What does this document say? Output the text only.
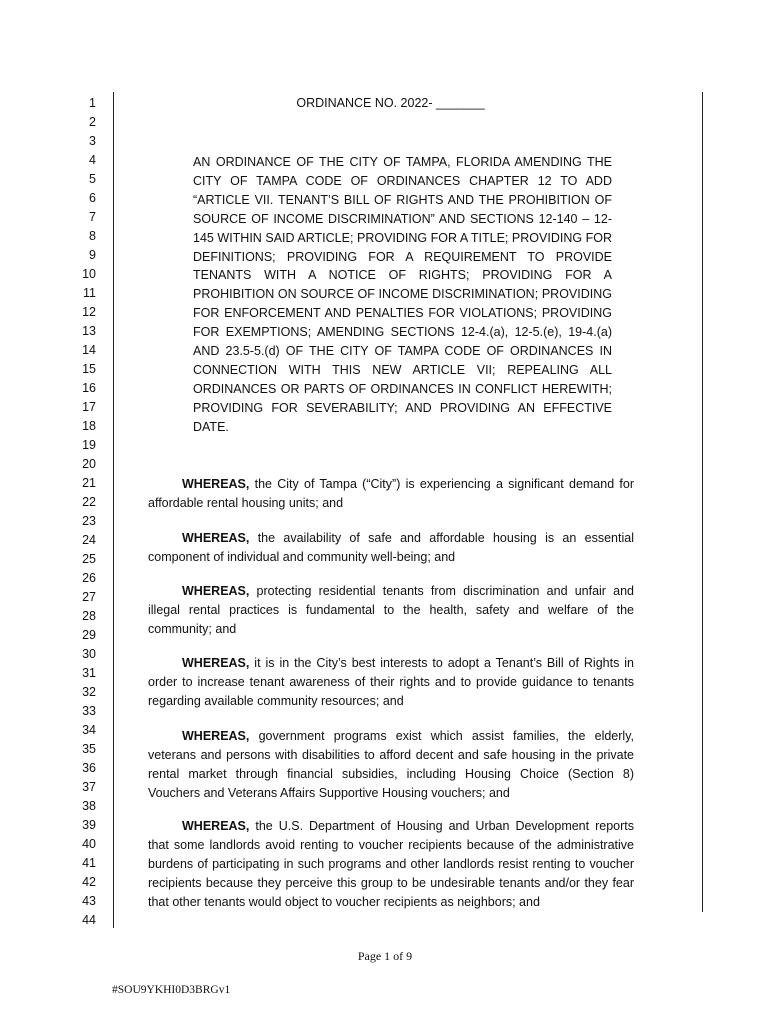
1
2
3
4
5
6
7
8
9
10
11
12
13
14
15
16
17
18
19
20
21
22
23
24
25
26
27
28
29
30
31
32
33
34
35
36
37
38
39
40
41
42
43
44
ORDINANCE NO. 2022- _______
AN ORDINANCE OF THE CITY OF TAMPA, FLORIDA AMENDING THE CITY OF TAMPA CODE OF ORDINANCES CHAPTER 12 TO ADD “ARTICLE VII. TENANT’S BILL OF RIGHTS AND THE PROHIBITION OF SOURCE OF INCOME DISCRIMINATION” AND SECTIONS 12-140 – 12-145 WITHIN SAID ARTICLE; PROVIDING FOR A TITLE; PROVIDING FOR DEFINITIONS; PROVIDING FOR A REQUIREMENT TO PROVIDE TENANTS WITH A NOTICE OF RIGHTS; PROVIDING FOR A PROHIBITION ON SOURCE OF INCOME DISCRIMINATION; PROVIDING FOR ENFORCEMENT AND PENALTIES FOR VIOLATIONS; PROVIDING FOR EXEMPTIONS; AMENDING SECTIONS 12-4.(a), 12-5.(e), 19-4.(a) AND 23.5-5.(d) OF THE CITY OF TAMPA CODE OF ORDINANCES IN CONNECTION WITH THIS NEW ARTICLE VII; REPEALING ALL ORDINANCES OR PARTS OF ORDINANCES IN CONFLICT HEREWITH; PROVIDING FOR SEVERABILITY; AND PROVIDING AN EFFECTIVE DATE.
WHEREAS, the City of Tampa (“City”) is experiencing a significant demand for affordable rental housing units; and
WHEREAS, the availability of safe and affordable housing is an essential component of individual and community well-being; and
WHEREAS, protecting residential tenants from discrimination and unfair and illegal rental practices is fundamental to the health, safety and welfare of the community; and
WHEREAS, it is in the City’s best interests to adopt a Tenant’s Bill of Rights in order to increase tenant awareness of their rights and to provide guidance to tenants regarding available community resources; and
WHEREAS, government programs exist which assist families, the elderly, veterans and persons with disabilities to afford decent and safe housing in the private rental market through financial subsidies, including Housing Choice (Section 8) Vouchers and Veterans Affairs Supportive Housing vouchers; and
WHEREAS, the U.S. Department of Housing and Urban Development reports that some landlords avoid renting to voucher recipients because of the administrative burdens of participating in such programs and other landlords resist renting to voucher recipients because they perceive this group to be undesirable tenants and/or they fear that other tenants would object to voucher recipients as neighbors; and
Page 1 of 9
#SOU9YKHI0D3BRGv1
